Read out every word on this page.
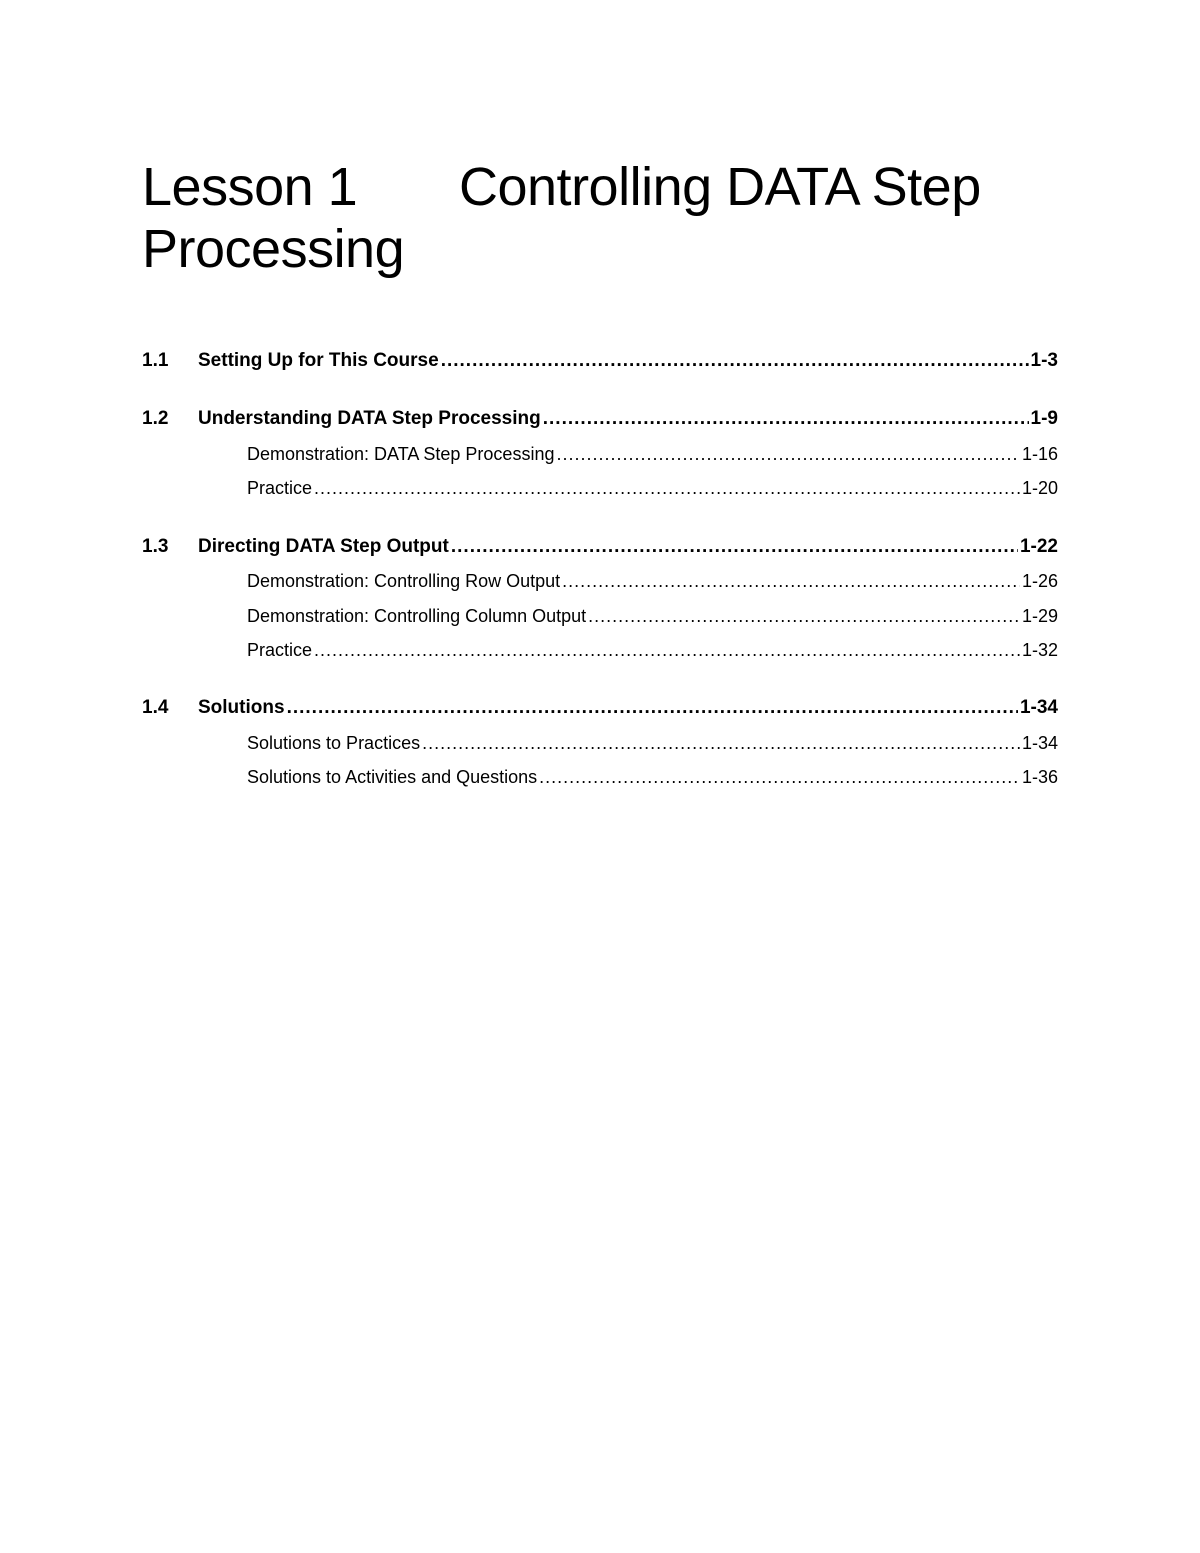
Lesson 1 Controlling DATA Step
Processing
1.1	Setting Up for This Course .....	1-3
1.2	Understanding DATA Step Processing .....	1-9
Demonstration: DATA Step Processing .....	1-16
Practice .....	1-20
1.3	Directing DATA Step Output .....	1-22
Demonstration: Controlling Row Output .....	1-26
Demonstration: Controlling Column Output .....	1-29
Practice .....	1-32
1.4	Solutions .....	1-34
Solutions to Practices .....	1-34
Solutions to Activities and Questions .....	1-36
